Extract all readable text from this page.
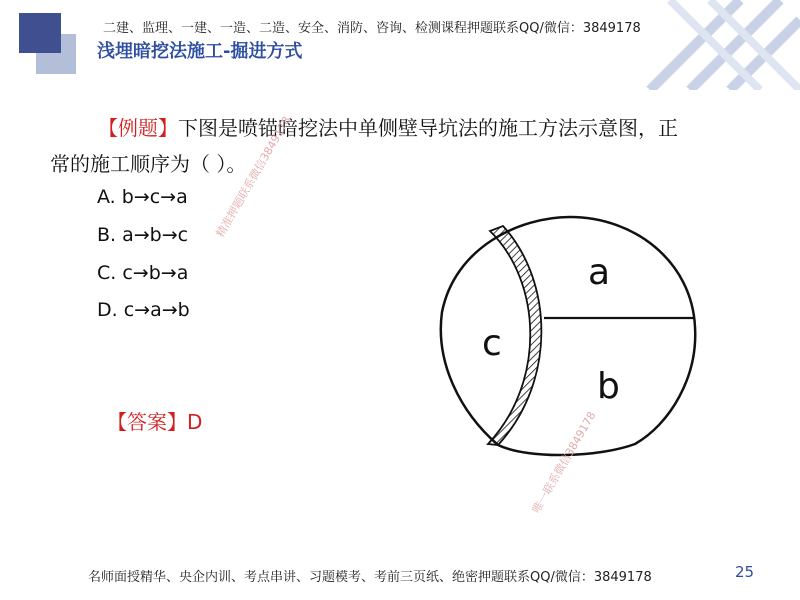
二建、监理、一建、一造、二造、安全、消防、咨询、检测课程押题联系QQ/微信：3849178
浅埋暗挖法施工-掘进方式
【例题】下图是喷锚暗挖法中单侧壁导坑法的施工方法示意图，正
常的施工顺序为（ ）。
A. b→c→a
B. a→b→c
C. c→b→a
D. c→a→b
【答案】D
a
b
c
精准押题联系微信3849178
唯一联系微信3849178
名师面授精华、央企内训、考点串讲、习题模考、考前三页纸、绝密押题联系QQ/微信：3849178	25
